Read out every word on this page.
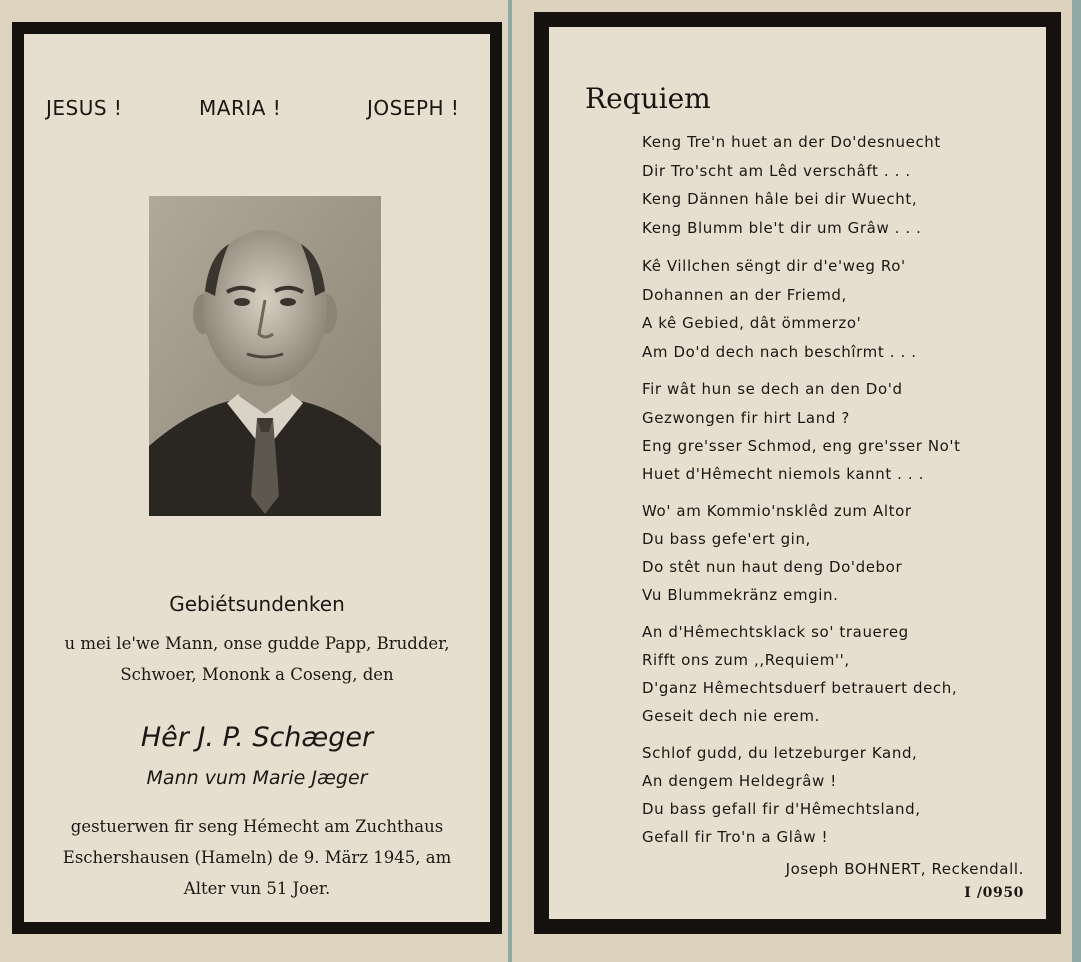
JESUS !	MARIA !	JOSEPH !
Gebiétsundenken
u mei le'we Mann, onse gudde Papp, Brudder,
Schwoer, Mononk a Coseng, den
Hêr J. P. Schæger
Mann vum Marie Jæger
gestuerwen fir seng Hémecht am Zuchthaus
Eschershausen (Hameln) de 9. März 1945, am
Alter vun 51 Joer.
Requiem
Keng Tre'n huet an der Do'desnuecht
Dir Tro'scht am Lêd verschâft . . .
Keng Dännen hâle bei dir Wuecht,
Keng Blumm ble't dir um Grâw . . .
Kê Villchen sëngt dir d'e'weg Ro'
Dohannen an der Friemd,
A kê Gebied, dât ömmerzo'
Am Do'd dech nach beschîrmt . . .
Fir wât hun se dech an den Do'd
Gezwongen fir hirt Land ?
Eng gre'sser Schmod, eng gre'sser No't
Huet d'Hêmecht niemols kannt . . .
Wo' am Kommio'nsklêd zum Altor
Du bass gefe'ert gin,
Do stêt nun haut deng Do'debor
Vu Blummekränz emgin.
An d'Hêmechtsklack so' trauereg
Rifft ons zum ,,Requiem'',
D'ganz Hêmechtsduerf betrauert dech,
Geseit dech nie erem.
Schlof gudd, du letzeburger Kand,
An dengem Heldegrâw !
Du bass gefall fir d'Hêmechtsland,
Gefall fir Tro'n a Glâw !
Joseph BOHNERT, Reckendall.
I /0950
